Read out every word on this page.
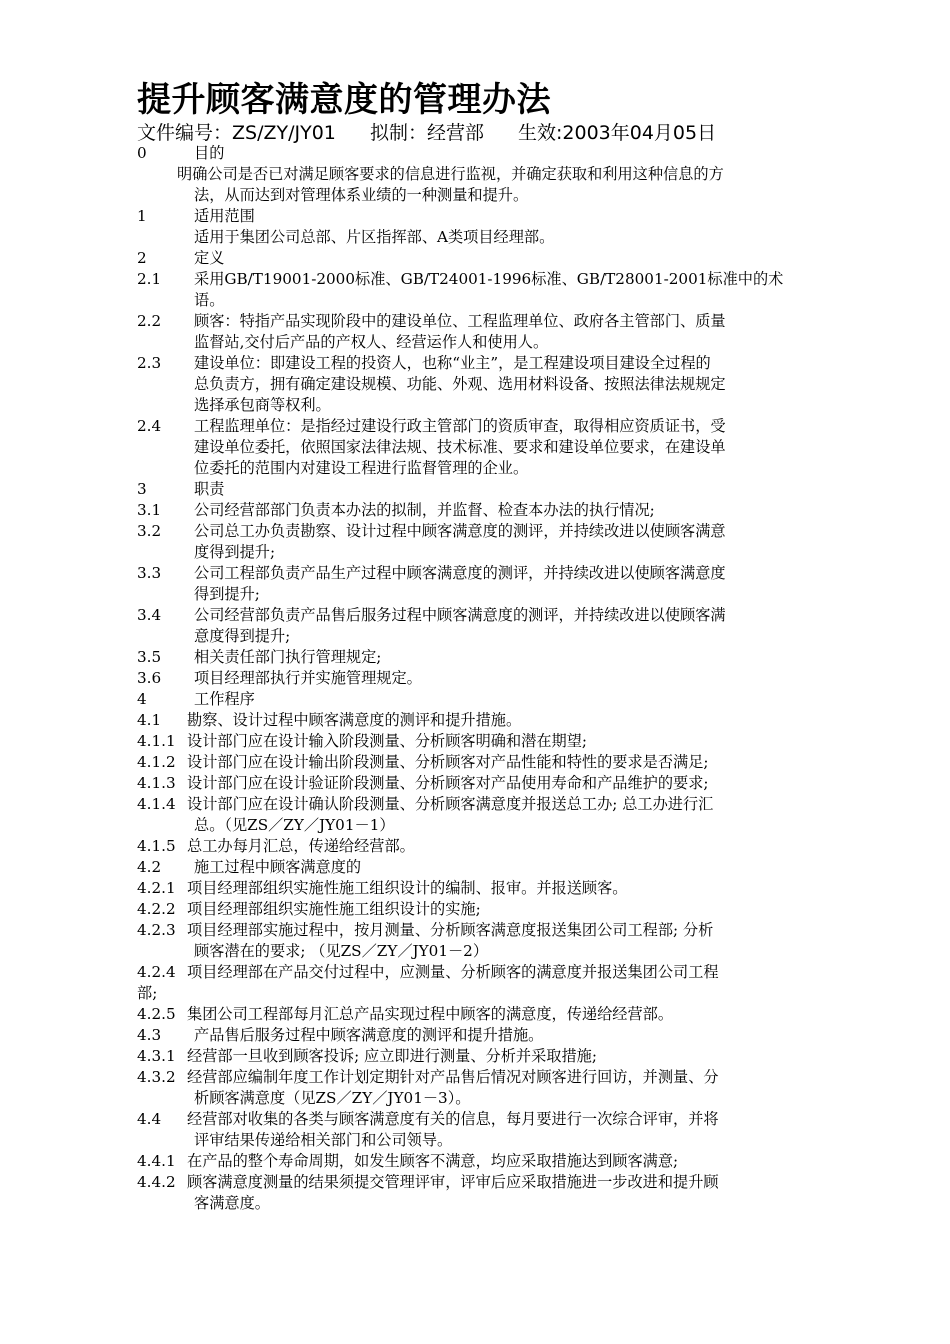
提升顾客满意度的管理办法
文件编号：ZS/ZY/JY01 拟制：经营部 生效:2003年04月05日
0	目的
明确公司是否已对满足顾客要求的信息进行监视，并确定获取和利用这种信息的方
法，从而达到对管理体系业绩的一种测量和提升。
1	适用范围
适用于集团公司总部、片区指挥部、A类项目经理部。
2	定义
2.1 采用GB/T19001-2000标准、GB/T24001-1996标准、GB/T28001-2001标准中的术
语。
2.2 顾客：特指产品实现阶段中的建设单位、工程监理单位、政府各主管部门、质量
监督站,交付后产品的产权人、经营运作人和使用人。
2.3 建设单位：即建设工程的投资人，也称“业主”，是工程建设项目建设全过程的
总负责方，拥有确定建设规模、功能、外观、选用材料设备、按照法律法规规定
选择承包商等权利。
2.4 工程监理单位：是指经过建设行政主管部门的资质审查，取得相应资质证书，受
建设单位委托，依照国家法律法规、技术标准、要求和建设单位要求，在建设单
位委托的范围内对建设工程进行监督管理的企业。
3	职责
3.1 公司经营部部门负责本办法的拟制，并监督、检查本办法的执行情况;
3.2 公司总工办负责勘察、设计过程中顾客满意度的测评，并持续改进以使顾客满意
度得到提升;
3.3 公司工程部负责产品生产过程中顾客满意度的测评，并持续改进以使顾客满意度
得到提升;
3.4 公司经营部负责产品售后服务过程中顾客满意度的测评，并持续改进以使顾客满
意度得到提升;
3.5 相关责任部门执行管理规定;
3.6 项目经理部执行并实施管理规定。
4	工作程序
4.1 勘察、设计过程中顾客满意度的测评和提升措施。
4.1.1 设计部门应在设计输入阶段测量、分析顾客明确和潜在期望;
4.1.2 设计部门应在设计输出阶段测量、分析顾客对产品性能和特性的要求是否满足;
4.1.3 设计部门应在设计验证阶段测量、分析顾客对产品使用寿命和产品维护的要求;
4.1.4 设计部门应在设计确认阶段测量、分析顾客满意度并报送总工办; 总工办进行汇
总。（见ZS／ZY／JY01－1）
4.1.5 总工办每月汇总，传递给经营部。
4.2 施工过程中顾客满意度的
4.2.1 项目经理部组织实施性施工组织设计的编制、报审。并报送顾客。
4.2.2 项目经理部组织实施性施工组织设计的实施;
4.2.3 项目经理部实施过程中，按月测量、分析顾客满意度报送集团公司工程部; 分析
顾客潜在的要求; （见ZS／ZY／JY01－2）
4.2.4 项目经理部在产品交付过程中，应测量、分析顾客的满意度并报送集团公司工程
部;
4.2.5 集团公司工程部每月汇总产品实现过程中顾客的满意度，传递给经营部。
4.3 产品售后服务过程中顾客满意度的测评和提升措施。
4.3.1 经营部一旦收到顾客投诉; 应立即进行测量、分析并采取措施;
4.3.2 经营部应编制年度工作计划定期针对产品售后情况对顾客进行回访，并测量、分
析顾客满意度（见ZS／ZY／JY01－3）。
4.4 经营部对收集的各类与顾客满意度有关的信息，每月要进行一次综合评审，并将
评审结果传递给相关部门和公司领导。
4.4.1 在产品的整个寿命周期，如发生顾客不满意，均应采取措施达到顾客满意;
4.4.2 顾客满意度测量的结果须提交管理评审，评审后应采取措施进一步改进和提升顾
客满意度。
